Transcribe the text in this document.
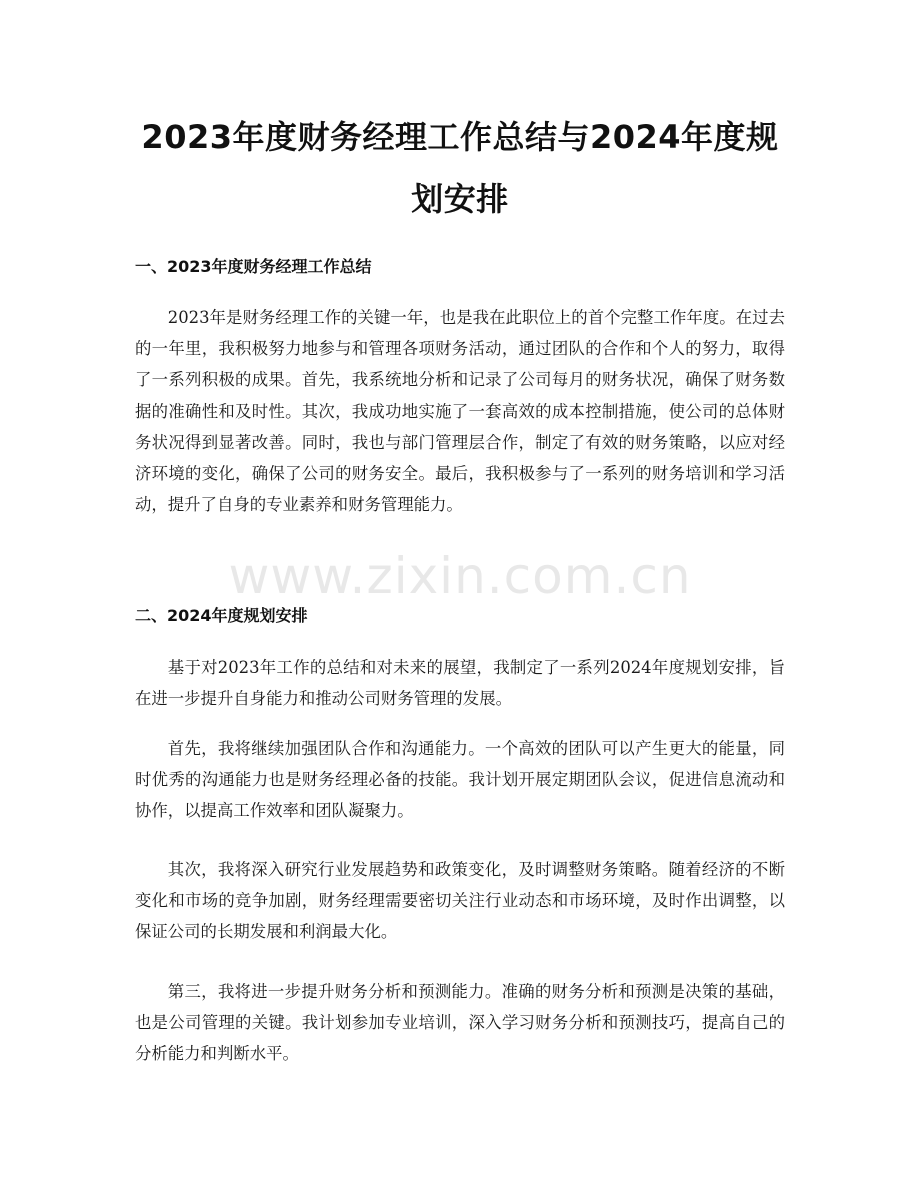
2023年度财务经理工作总结与2024年度规划安排
一、2023年度财务经理工作总结

2023年是财务经理工作的关键一年，也是我在此职位上的首个完整工作年度。在过去的一年里，我积极努力地参与和管理各项财务活动，通过团队的合作和个人的努力，取得了一系列积极的成果。首先，我系统地分析和记录了公司每月的财务状况，确保了财务数据的准确性和及时性。其次，我成功地实施了一套高效的成本控制措施，使公司的总体财务状况得到显著改善。同时，我也与部门管理层合作，制定了有效的财务策略，以应对经济环境的变化，确保了公司的财务安全。最后，我积极参与了一系列的财务培训和学习活动，提升了自身的专业素养和财务管理能力。

二、2024年度规划安排

基于对2023年工作的总结和对未来的展望，我制定了一系列2024年度规划安排，旨在进一步提升自身能力和推动公司财务管理的发展。

首先，我将继续加强团队合作和沟通能力。一个高效的团队可以产生更大的能量，同时优秀的沟通能力也是财务经理必备的技能。我计划开展定期团队会议，促进信息流动和协作，以提高工作效率和团队凝聚力。

其次，我将深入研究行业发展趋势和政策变化，及时调整财务策略。随着经济的不断变化和市场的竞争加剧，财务经理需要密切关注行业动态和市场环境，及时作出调整，以保证公司的长期发展和利润最大化。

第三，我将进一步提升财务分析和预测能力。准确的财务分析和预测是决策的基础，也是公司管理的关键。我计划参加专业培训，深入学习财务分析和预测技巧，提高自己的分析能力和判断水平。

www.zixin.com.cn
